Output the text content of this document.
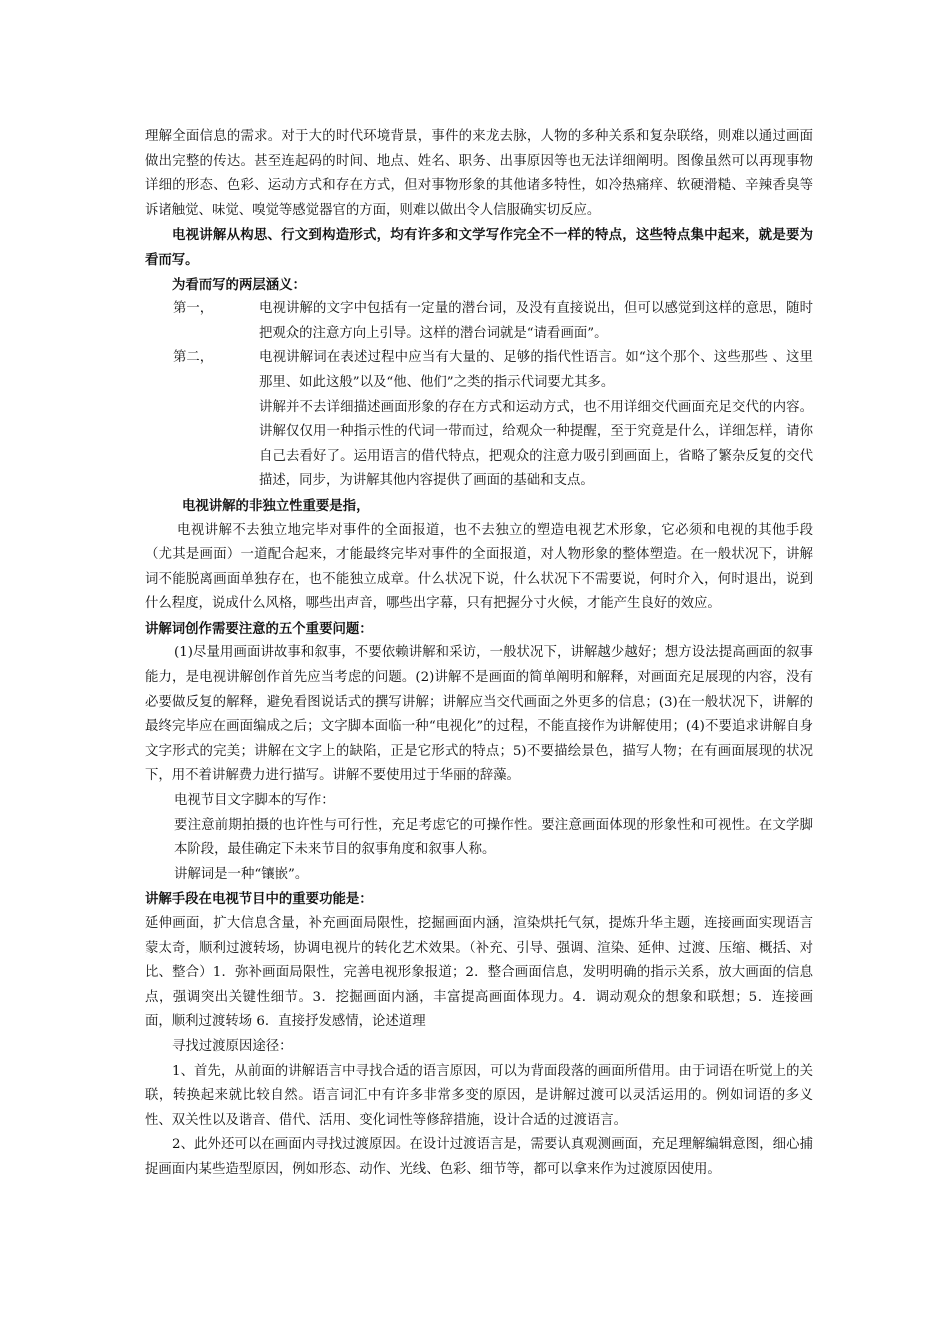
理解全面信息的需求。对于大的时代环境背景，事件的来龙去脉，人物的多种关系和复杂联络，则难以通过画面做出完整的传达。甚至连起码的时间、地点、姓名、职务、出事原因等也无法详细阐明。图像虽然可以再现事物详细的形态、色彩、运动方式和存在方式，但对事物形象的其他诸多特性，如冷热痛痒、软硬滑糙、辛辣香臭等诉诸触觉、味觉、嗅觉等感觉器官的方面，则难以做出令人信服确实切反应。

电视讲解从构思、行文到构造形式，均有许多和文学写作完全不一样的特点，这些特点集中起来，就是要为看而写。

为看而写的两层涵义：

第一，	电视讲解的文字中包括有一定量的潜台词，及没有直接说出，但可以感觉到这样的意思，随时把观众的注意方向上引导。这样的潜台词就是“请看画面”。

第二，	电视讲解词在表述过程中应当有大量的、足够的指代性语言。如“这个那个、这些那些 、这里那里、如此这般”以及“他、他们”之类的指示代词要尤其多。

讲解并不去详细描述画面形象的存在方式和运动方式，也不用详细交代画面充足交代的内容。讲解仅仅用一种指示性的代词一带而过，给观众一种提醒，至于究竟是什么，详细怎样，请你自己去看好了。运用语言的借代特点，把观众的注意力吸引到画面上，省略了繁杂反复的交代描述，同步，为讲解其他内容提供了画面的基础和支点。

电视讲解的非独立性重要是指，

电视讲解不去独立地完毕对事件的全面报道，也不去独立的塑造电视艺术形象，它必须和电视的其他手段（尤其是画面）一道配合起来，才能最终完毕对事件的全面报道，对人物形象的整体塑造。在一般状况下，讲解词不能脱离画面单独存在，也不能独立成章。什么状况下说，什么状况下不需要说，何时介入，何时退出，说到什么程度，说成什么风格，哪些出声音，哪些出字幕，只有把握分寸火候，才能产生良好的效应。

讲解词创作需要注意的五个重要问题：

(1)尽量用画面讲故事和叙事，不要依赖讲解和采访，一般状况下，讲解越少越好；想方设法提高画面的叙事能力，是电视讲解创作首先应当考虑的问题。(2)讲解不是画面的简单阐明和解释，对画面充足展现的内容，没有必要做反复的解释，避免看图说话式的撰写讲解；讲解应当交代画面之外更多的信息；(3)在一般状况下，讲解的最终完毕应在画面编成之后；文字脚本面临一种“电视化”的过程，不能直接作为讲解使用；(4)不要追求讲解自身文字形式的完美；讲解在文字上的缺陷，正是它形式的特点；5)不要描绘景色，描写人物；在有画面展现的状况下，用不着讲解费力进行描写。讲解不要使用过于华丽的辞藻。

电视节目文字脚本的写作：

要注意前期拍摄的也许性与可行性，充足考虑它的可操作性。要注意画面体现的形象性和可视性。在文学脚本阶段，最佳确定下未来节目的叙事角度和叙事人称。

讲解词是一种“镶嵌”。

讲解手段在电视节目中的重要功能是：

延伸画面，扩大信息含量，补充画面局限性，挖掘画面内涵，渲染烘托气氛，提炼升华主题，连接画面实现语言蒙太奇，顺利过渡转场，协调电视片的转化艺术效果。（补充、引导、强调、渲染、延伸、过渡、压缩、概括、对比、整合）1．弥补画面局限性，完善电视形象报道；2．整合画面信息，发明明确的指示关系，放大画面的信息点，强调突出关键性细节。3．挖掘画面内涵，丰富提高画面体现力。4．调动观众的想象和联想；5．连接画面，顺利过渡转场 6．直接抒发感情，论述道理

寻找过渡原因途径：

1、首先，从前面的讲解语言中寻找合适的语言原因，可以为背面段落的画面所借用。由于词语在听觉上的关联，转换起来就比较自然。语言词汇中有许多非常多变的原因，是讲解过渡可以灵活运用的。例如词语的多义性、双关性以及谐音、借代、活用、变化词性等修辞措施，设计合适的过渡语言。

2、此外还可以在画面内寻找过渡原因。在设计过渡语言是，需要认真观测画面，充足理解编辑意图，细心捕捉画面内某些造型原因，例如形态、动作、光线、色彩、细节等，都可以拿来作为过渡原因使用。
